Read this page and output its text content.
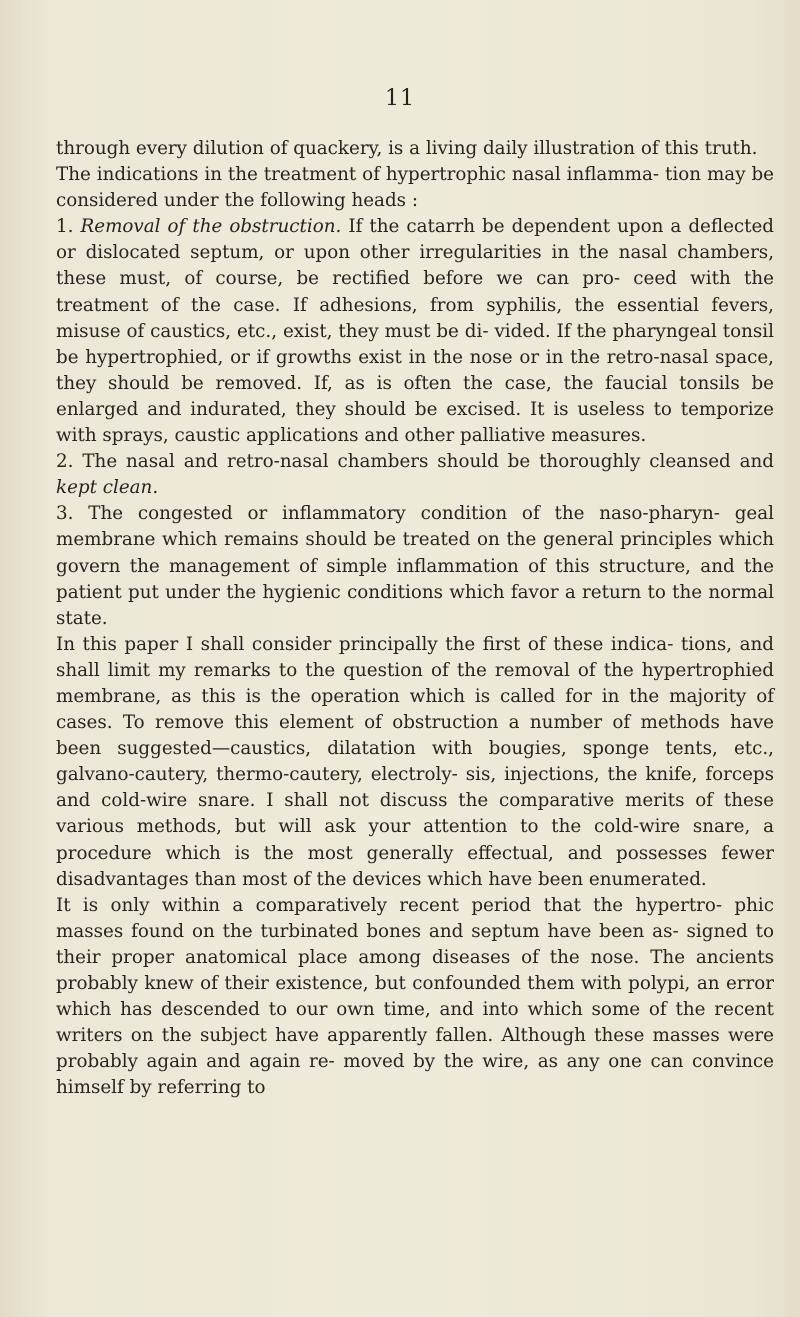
11

through every dilution of quackery, is a living daily illustration of this truth.

The indications in the treatment of hypertrophic nasal inflamma- tion may be considered under the following heads :

1. Removal of the obstruction. If the catarrh be dependent upon a deflected or dislocated septum, or upon other irregularities in the nasal chambers, these must, of course, be rectified before we can pro- ceed with the treatment of the case. If adhesions, from syphilis, the essential fevers, misuse of caustics, etc., exist, they must be di- vided. If the pharyngeal tonsil be hypertrophied, or if growths exist in the nose or in the retro-nasal space, they should be removed. If, as is often the case, the faucial tonsils be enlarged and indurated, they should be excised. It is useless to temporize with sprays, caustic applications and other palliative measures.

2. The nasal and retro-nasal chambers should be thoroughly cleansed and kept clean.

3. The congested or inflammatory condition of the naso-pharyn- geal membrane which remains should be treated on the general principles which govern the management of simple inflammation of this structure, and the patient put under the hygienic conditions which favor a return to the normal state.

In this paper I shall consider principally the first of these indica- tions, and shall limit my remarks to the question of the removal of the hypertrophied membrane, as this is the operation which is called for in the majority of cases. To remove this element of obstruction a number of methods have been suggested—caustics, dilatation with bougies, sponge tents, etc., galvano-cautery, thermo-cautery, electroly- sis, injections, the knife, forceps and cold-wire snare. I shall not discuss the comparative merits of these various methods, but will ask your attention to the cold-wire snare, a procedure which is the most generally effectual, and possesses fewer disadvantages than most of the devices which have been enumerated.

It is only within a comparatively recent period that the hypertro- phic masses found on the turbinated bones and septum have been as- signed to their proper anatomical place among diseases of the nose. The ancients probably knew of their existence, but confounded them with polypi, an error which has descended to our own time, and into which some of the recent writers on the subject have apparently fallen. Although these masses were probably again and again re- moved by the wire, as any one can convince himself by referring to
